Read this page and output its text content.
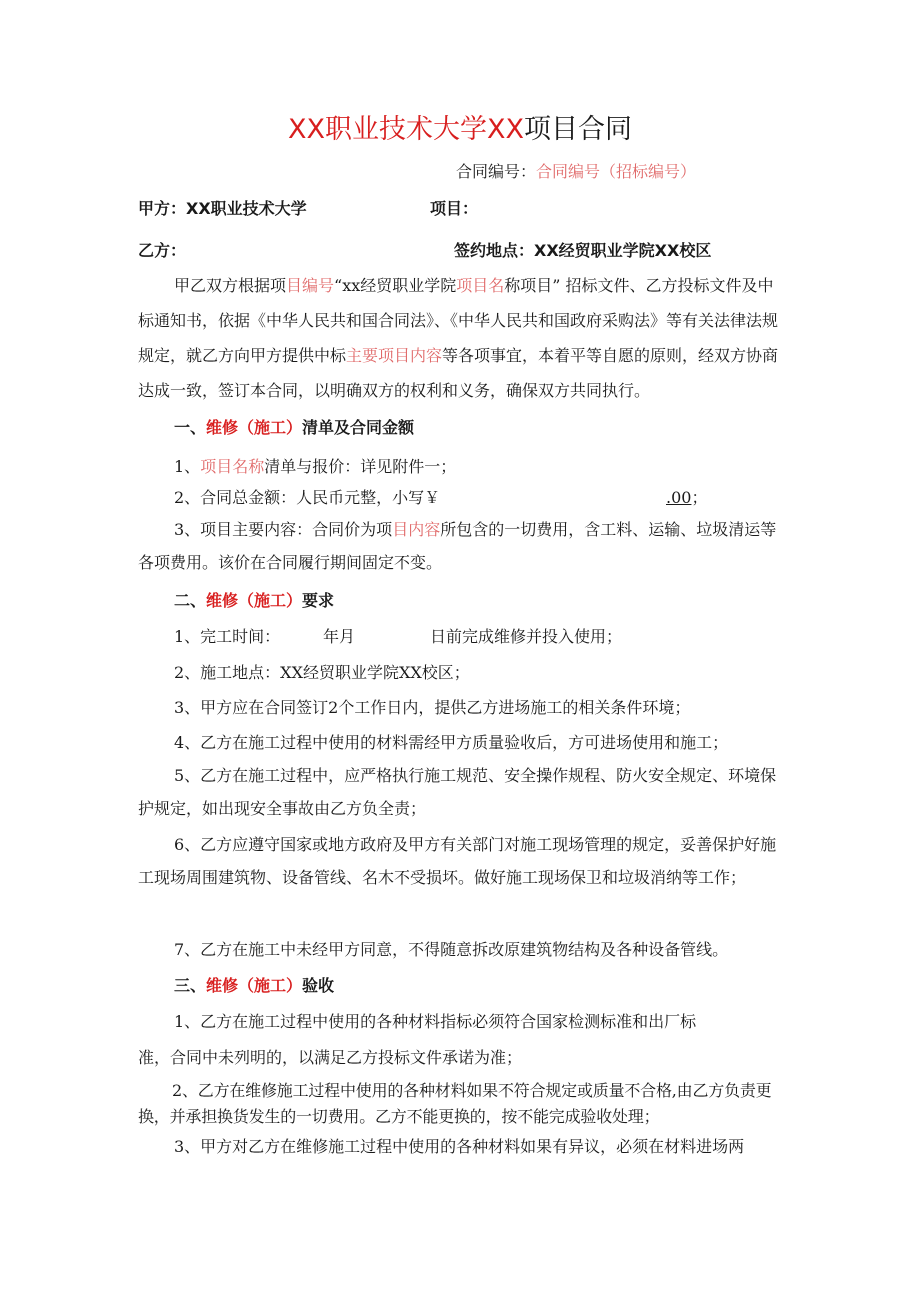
XX职业技术大学XX项目合同
合同编号：合同编号（招标编号）
甲方：XX职业技术大学	项目：
乙方：	签约地点：XX经贸职业学院XX校区

甲乙双方根据项目编号“xx经贸职业学院项目名称项目” 招标文件、乙方投标文件及中标通知书，依据《中华人民共和国合同法》、《中华人民共和国政府采购法》等有关法律法规规定，就乙方向甲方提供中标主要项目内容等各项事宜，本着平等自愿的原则，经双方协商达成一致，签订本合同，以明确双方的权利和义务，确保双方共同执行。

一、维修（施工）清单及合同金额
1、项目名称清单与报价：详见附件一；
2、合同总金额：人民币元整，小写￥	.00；
3、项目主要内容：合同价为项目内容所包含的一切费用，含工料、运输、垃圾清运等各项费用。该价在合同履行期间固定不变。
二、维修（施工）要求
1、完工时间：	年月	日前完成维修并投入使用；
2、施工地点：XX经贸职业学院XX校区；
3、甲方应在合同签订2个工作日内，提供乙方进场施工的相关条件环境；
4、乙方在施工过程中使用的材料需经甲方质量验收后，方可进场使用和施工；
5、乙方在施工过程中，应严格执行施工规范、安全操作规程、防火安全规定、环境保护规定，如出现安全事故由乙方负全责；
6、乙方应遵守国家或地方政府及甲方有关部门对施工现场管理的规定，妥善保护好施工现场周围建筑物、设备管线、名木不受损坏。做好施工现场保卫和垃圾消纳等工作；
7、乙方在施工中未经甲方同意，不得随意拆改原建筑物结构及各种设备管线。
三、维修（施工）验收
1、乙方在施工过程中使用的各种材料指标必须符合国家检测标准和出厂标
准，合同中未列明的，以满足乙方投标文件承诺为准；
2、乙方在维修施工过程中使用的各种材料如果不符合规定或质量不合格,由乙方负责更换，并承担换货发生的一切费用。乙方不能更换的，按不能完成验收处理；
3、甲方对乙方在维修施工过程中使用的各种材料如果有异议，必须在材料进场两
